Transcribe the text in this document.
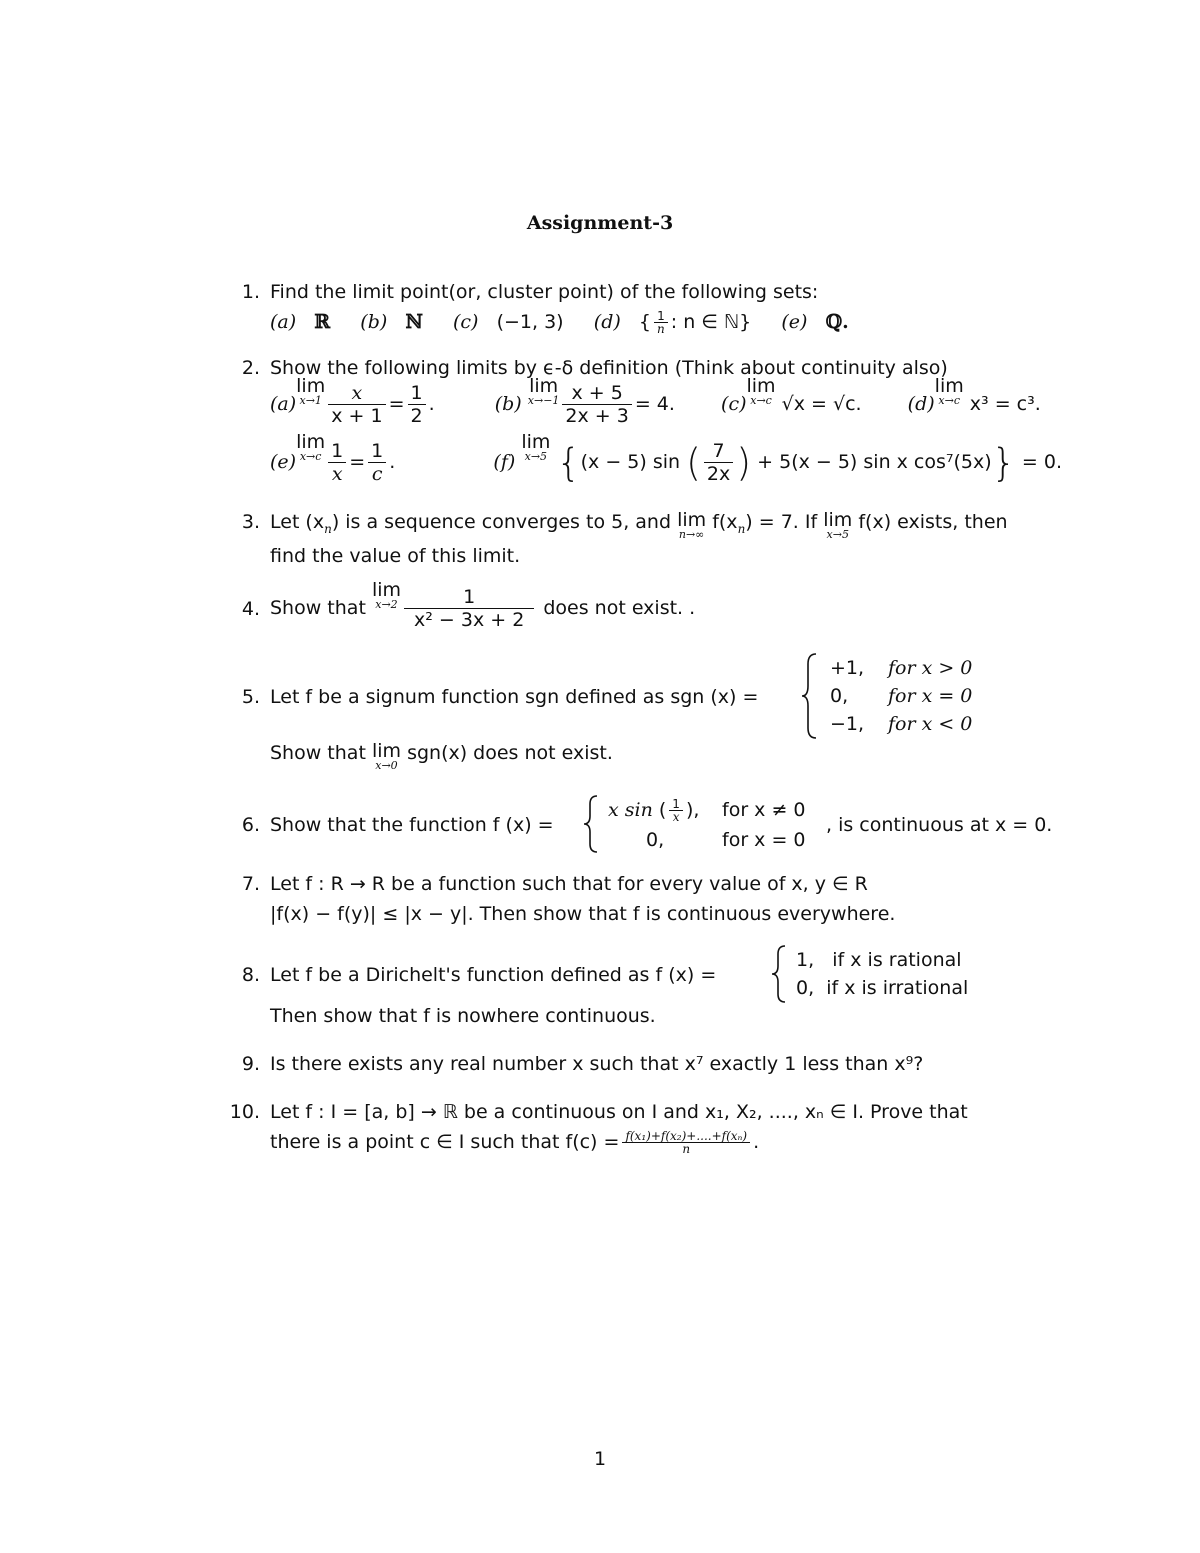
Assignment-3
1. Find the limit point(or, cluster point) of the following sets:
(a) ℝ (b) ℕ (c) (−1, 3) (d) { $\frac{1}{n}$ : n ∈ ℕ} (e) ℚ.
2. Show the following limits by ϵ-δ definition (Think about continuity also)
(a)lim
$x\to 1 \frac{x}{x + 1} = \frac{1}{2}$ .	(b) lim
$x\to-1 \frac{x + 5}{2x + 3} = 4$. (c)lim
x→c √x = √c. (d)lim
x→c x³ = c³.
(e)lim
$x\to c \frac{1}{x} = \frac{1}{c}$ .	(f) lim
x→5 {(x − 5) sin ( $\frac{7}{2x}$ ) + 5(x − 5) sin x cos⁷(5x)} = 0.
3. Let $(x_n)$ is a sequence converges to 5, and lim
n→∞
$f(x_n) = 7$. If lim
x→5
f(x) exists, then
find the value of this limit.
4. Show that lim
$x\to 2 \frac{1}{\text{x² − 3x + 2}}$ does not exist. .
5. Let f be a signum function sgn defined as sgn (x) =
+1, for x > 0
0, for x = 0
−1, for x < 0
Show that lim
x→0
sgn(x) does not exist.
6. Show that the function f (x) =
x sin ( $\frac{1}{x}$ ), for x ≠ 0
0,	for x = 0
, is continuous at x = 0.
7. Let f : R → R be a function such that for every value of x, y ∈ R
|f(x) − f(y)| ≤ |x − y|. Then show that f is continuous everywhere.
8. Let f be a Dirichelt's function defined as f (x) =
1,   if x is rational
0,  if x is irrational
Then show that f is nowhere continuous.
9. Is there exists any real number x such that x⁷ exactly 1 less than x⁹?
10. Let f : I = [a, b] → ℝ be a continuous on I and x₁, X₂, ...., xₙ ∈ I. Prove that
there is a point c ∈ I such that $f(c) = \frac{\text{f(x₁)+f(x₂)+....+f(xₙ)}}{n}$ .
1
